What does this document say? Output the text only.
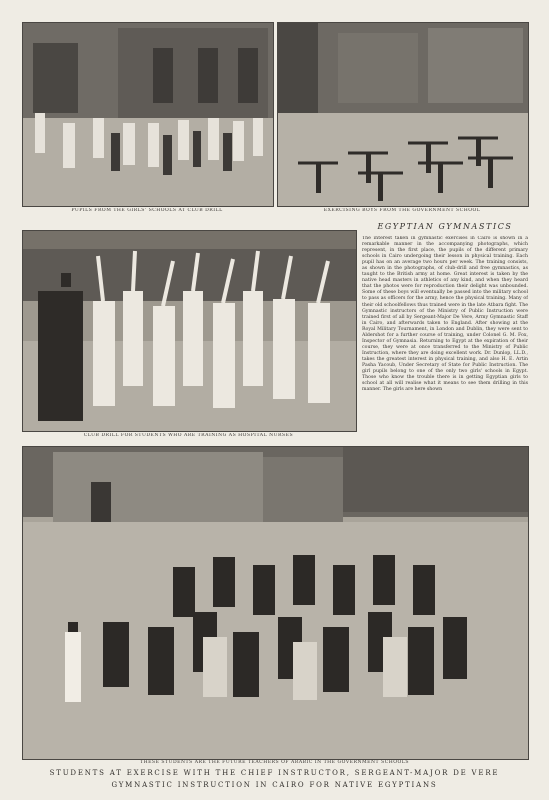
PUPILS FROM THE GIRLS' SCHOOLS AT CLUB DRILL	EXERCISING BOYS FROM THE GOVERNMENT SCHOOL
CLUB DRILL FOR STUDENTS WHO ARE TRAINING AS HOSPITAL NURSES
EGYPTIAN GYMNASTICS
The interest taken in gymnastic exercises in Cairo is shown in a remarkable manner in the accompanying photographs, which represent, in the first place, the pupils of the different primary schools in Cairo undergoing their lesson in physical training. Each pupil has on an average two hours per week. The training consists, as shown in the photographs, of club-drill and free gymnastics, as taught to the British army at home. Great interest is taken by the native head masters in athletics of any kind, and when they heard that the photos were for reproduction their delight was unbounded. Some of these boys will eventually be passed into the military school to pass as officers for the army, hence the physical training. Many of their old schoolfellows thus trained were in the late Atbara fight. The Gymnastic instructors of the Ministry of Public Instruction were trained first of all by Sergeant-Major De Vere, Army Gymnastic Staff in Cairo, and afterwards taken to England. After showing at the Royal Military Tournament, in London and Dublin, they were sent to Aldershot for a further course of training, under Colonel G. M. Fox, Inspector of Gymnasia. Returning to Egypt at the expiration of their course, they were at once transferred to the Ministry of Public Instruction, where they are doing excellent work. Dr. Dunlop, LL.D., takes the greatest interest in physical training, and also H. E. Artin Pasha Yacoub, Under Secretary of State for Public Instruction. The girl pupils belong to one of the only two girls' schools in Egypt. Those who know the trouble there is in getting Egyptian girls to school at all will realise what it means to see them drilling in this manner. The girls are here shown
THESE STUDENTS ARE THE FUTURE TEACHERS OF ARABIC IN THE GOVERNMENT SCHOOLS
STUDENTS AT EXERCISE WITH THE CHIEF INSTRUCTOR, SERGEANT-MAJOR DE VERE
GYMNASTIC INSTRUCTION IN CAIRO FOR NATIVE EGYPTIANS
